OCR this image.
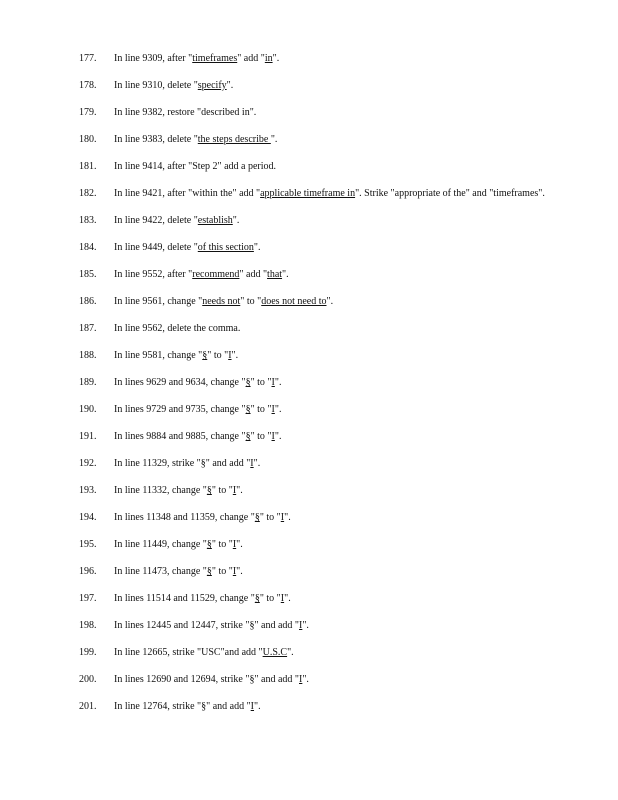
177. In line 9309, after "timeframes" add "in".
178. In line 9310, delete "specify".
179. In line 9382, restore "described in".
180. In line 9383, delete "the steps describe ".
181. In line 9414, after "Step 2" add a period.
182. In line 9421, after "within the" add "applicable timeframe in". Strike "appropriate of the" and "timeframes".
183. In line 9422, delete "establish".
184. In line 9449, delete "of this section".
185. In line 9552, after "recommend" add "that".
186. In line 9561, change "needs not" to "does not need to".
187. In line 9562, delete the comma.
188. In line 9581, change "§" to "I".
189. In lines 9629 and 9634, change "§" to "I".
190. In lines 9729 and 9735, change "§" to "I".
191. In lines 9884 and 9885, change "§" to "I".
192. In line 11329, strike "§" and add "I".
193. In line 11332, change "§" to "I".
194. In lines 11348 and 11359, change "§" to "I".
195. In line 11449, change "§" to "I".
196. In line 11473, change "§" to "I".
197. In lines 11514 and 11529, change "§" to "I".
198. In lines 12445 and 12447, strike "§" and add "I".
199. In line 12665, strike "USC"and add "U.S.C".
200. In lines 12690 and 12694, strike "§" and add "I".
201. In line 12764, strike "§" and add "I".
